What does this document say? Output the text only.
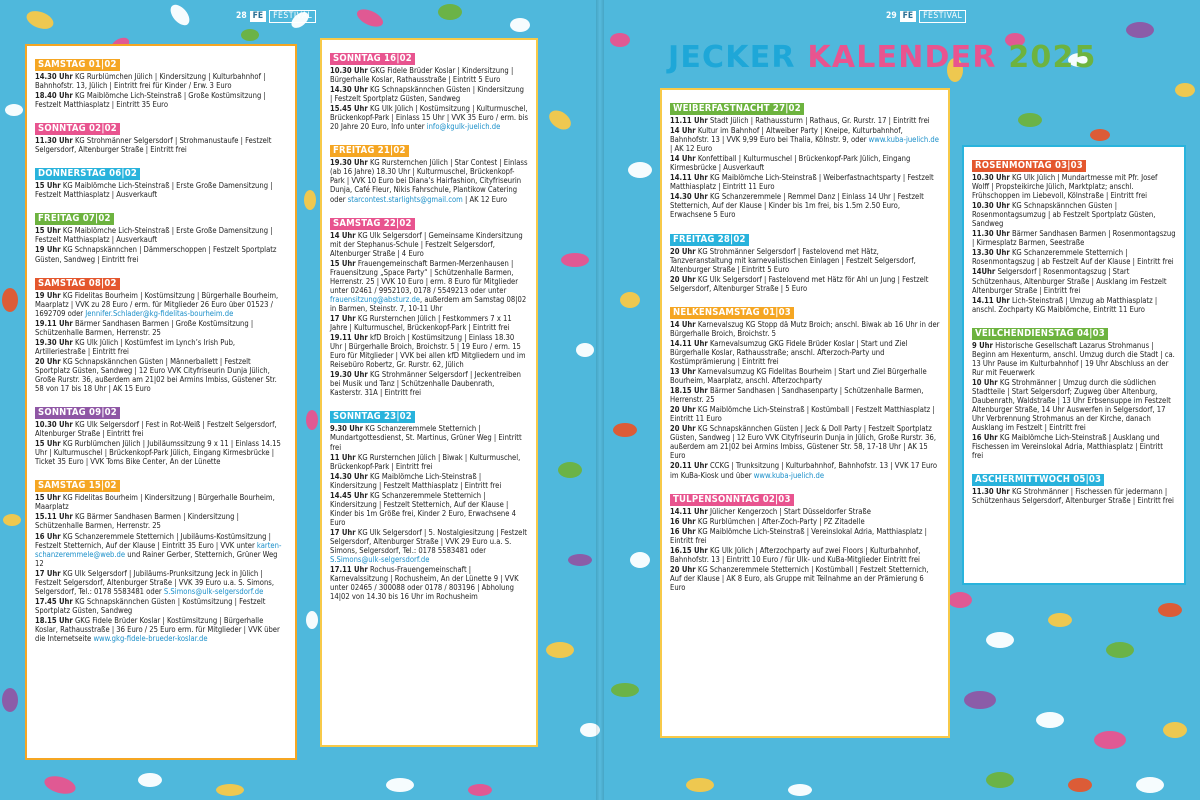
28 FE	FESTIVAL	29 FE	FESTIVAL
JECKER KALENDER 2025
SAMSTAG 01|02
14.30 Uhr KG Rurblümchen Jülich | Kindersitzung | Kulturbahnhof | Bahnhofstr. 13, Jülich | Eintritt frei für Kinder / Erw. 3 Euro
18.40 Uhr KG Maiblömche Lich-Steinstraß | Große Kostümsitzung | Festzelt Matthiasplatz | Eintritt 35 Euro
SONNTAG 02|02
11.30 Uhr KG Strohmänner Selgersdorf | Strohmanustaufe | Festzelt Selgersdorf, Altenburger Straße | Eintritt frei
DONNERSTAG 06|02
15 Uhr KG Maiblömche Lich-Steinstraß | Erste Große Damensitzung | Festzelt Matthiasplatz | Ausverkauft
FREITAG 07|02
15 Uhr KG Maiblömche Lich-Steinstraß | Erste Große Damensitzung | Festzelt Matthiasplatz | Ausverkauft
19 Uhr KG Schnapskännchen | Dämmerschoppen | Festzelt Sportplatz Güsten, Sandweg | Eintritt frei
SAMSTAG 08|02
19 Uhr KG Fidelitas Bourheim | Kostümsitzung | Bürgerhalle Bourheim, Maarplatz | VVK zu 28 Euro / erm. für Mitglieder 26 Euro über 01523 / 1692709 oder Jennifer.Schlader@kg-fidelitas-bourheim.de
19.11 Uhr Bärmer Sandhasen Barmen | Große Kostümsitzung | Schützenhalle Barmen, Herrenstr. 25
19.30 Uhr KG Ulk Jülich | Kostümfest im Lynch’s Irish Pub, Artilleriestraße | Eintritt frei
20 Uhr KG Schnapskännchen Güsten | Männerballett | Festzelt Sportplatz Güsten, Sandweg | 12 Euro VVK Cityfriseurin Dunja Jülich, Große Rurstr. 36, außerdem am 21|02 bei Armins Imbiss, Güstener Str. 58 von 17 bis 18 Uhr | AK 15 Euro
SONNTAG 09|02
10.30 Uhr KG Ulk Selgersdorf | Fest in Rot-Weiß | Festzelt Selgersdorf, Altenburger Straße | Eintritt frei
15 Uhr KG Rurblümchen Jülich | Jubiläumssitzung 9 x 11 | Einlass 14.15 Uhr | Kulturmuschel | Brückenkopf-Park Jülich, Eingang Kirmesbrücke | Ticket 35 Euro | VVK Toms Bike Center, An der Lünette
SAMSTAG 15|02
15 Uhr KG Fidelitas Bourheim | Kindersitzung | Bürgerhalle Bourheim, Maarplatz
15.11 Uhr KG Bärmer Sandhasen Barmen | Kindersitzung | Schützenhalle Barmen, Herrenstr. 25
16 Uhr KG Schanzeremmele Stetternich | Jubiläums-Kostümsitzung | Festzelt Stetternich, Auf der Klause | Eintritt 35 Euro | VVK unter karten-schanzeremmele@web.de und Rainer Gerber, Stetternich, Grüner Weg 12
17 Uhr KG Ulk Selgersdorf | Jubiläums-Prunksitzung Jeck in Jülich | Festzelt Selgersdorf, Altenburger Straße | VVK 39 Euro u.a. S. Simons, Selgersdorf, Tel.: 0178 5583481 oder S.Simons@ulk-selgersdorf.de
17.45 Uhr KG Schnapskännchen Güsten | Kostümsitzung | Festzelt Sportplatz Güsten, Sandweg
18.15 Uhr GKG Fidele Brüder Koslar | Kostümsitzung | Bürgerhalle Koslar, Rathausstraße | 36 Euro / 25 Euro erm. für Mitglieder | VVK über die Internetseite www.gkg-fidele-brueder-koslar.de
SONNTAG 16|02
10.30 Uhr GKG Fidele Brüder Koslar | Kindersitzung | Bürgerhalle Koslar, Rathausstraße | Eintritt 5 Euro
14.30 Uhr KG Schnapskännchen Güsten | Kindersitzung | Festzelt Sportplatz Güsten, Sandweg
15.45 Uhr KG Ulk Jülich | Kostümsitzung | Kulturmuschel, Brückenkopf-Park | Einlass 15 Uhr | VVK 35 Euro / erm. bis 20 Jahre 20 Euro, Info unter info@kgulk-juelich.de
FREITAG 21|02
19.30 Uhr KG Rursternchen Jülich | Star Contest | Einlass (ab 16 Jahre) 18.30 Uhr | Kulturmuschel, Brückenkopf-Park | VVK 10 Euro bei Diana’s Hairfashion, Cityfriseurin Dunja, Café Fleur, Nikis Fahrschule, Plantikow Catering oder starcontest.starlights@gmail.com | AK 12 Euro
SAMSTAG 22|02
14 Uhr KG Ulk Selgersdorf | Gemeinsame Kindersitzung mit der Stephanus-Schule | Festzelt Selgersdorf, Altenburger Straße | 4 Euro
15 Uhr Frauengemeinschaft Barmen-Merzenhausen | Frauensitzung „Space Party“ | Schützenhalle Barmen, Herrenstr. 25 | VVK 10 Euro | erm. 8 Euro für Mitglieder unter 02461 / 9952103, 0178 / 5549213 oder unter frauensitzung@absturz.de, außerdem am Samstag 08|02 in Barmen, Steinstr. 7, 10-11 Uhr
17 Uhr KG Rursternchen Jülich | Festkommers 7 x 11 Jahre | Kulturmuschel, Brückenkopf-Park | Eintritt frei
19.11 Uhr kfD Broich | Kostümsitzung | Einlass 18.30 Uhr | Bürgerhalle Broich, Broichstr. 5 | 19 Euro / erm. 15 Euro für Mitglieder | VVK bei allen kfD Mitgliedern und im Reisebüro Robertz, Gr. Rurstr. 62, Jülich
19.30 Uhr KG Strohmänner Selgersdorf | Jeckentreiben bei Musik und Tanz | Schützenhalle Daubenrath, Kasterstr. 31A | Eintritt frei
SONNTAG 23|02
9.30 Uhr KG Schanzeremmele Stetternich | Mundartgottesdienst, St. Martinus, Grüner Weg | Eintritt frei
11 Uhr KG Rursternchen Jülich | Biwak | Kulturmuschel, Brückenkopf-Park | Eintritt frei
14.30 Uhr KG Maiblömche Lich-Steinstraß | Kindersitzung | Festzelt Matthiasplatz | Eintritt frei
14.45 Uhr KG Schanzeremmele Stetternich | Kindersitzung | Festzelt Stetternich, Auf der Klause | Kinder bis 1m Größe frei, Kinder 2 Euro, Erwachsene 4 Euro
17 Uhr KG Ulk Selgersdorf | 5. Nostalgiesitzung | Festzelt Selgersdorf, Altenburger Straße | VVK 29 Euro u.a. S. Simons, Selgersdorf, Tel.: 0178 5583481 oder S.Simons@ulk-selgersdorf.de
17.11 Uhr Rochus-Frauengemeinschaft | Karnevalssitzung | Rochusheim, An der Lünette 9 | VVK unter 02465 / 300088 oder 0178 / 803196 | Abholung 14|02 von 14.30 bis 16 Uhr im Rochusheim
WEIBERFASTNACHT 27|02
11.11 Uhr Stadt Jülich | Rathaussturm | Rathaus, Gr. Rurstr. 17 | Eintritt frei
14 Uhr Kultur im Bahnhof | Altweiber Party | Kneipe, Kulturbahnhof, Bahnhofstr. 13 | VVK 9,99 Euro bei Thalia, Kölnstr. 9, oder www.kuba-juelich.de | AK 12 Euro
14 Uhr Konfettiball | Kulturmuschel | Brückenkopf-Park Jülich, Eingang Kirmesbrücke | Ausverkauft
14.11 Uhr KG Maiblömche Lich-Steinstraß | Weiberfastnachtsparty | Festzelt Matthiasplatz | Eintritt 11 Euro
14.30 Uhr KG Schanzeremmele | Remmel Danz | Einlass 14 Uhr | Festzelt Stetternich, Auf der Klause | Kinder bis 1m frei, bis 1.5m 2.50 Euro, Erwachsene 5 Euro
FREITAG 28|02
20 Uhr KG Strohmänner Selgersdorf | Fastelovend met Hätz, Tanzveranstaltung mit karnevalistischen Einlagen | Festzelt Selgersdorf, Altenburger Straße | Eintritt 5 Euro
20 Uhr KG Ulk Selgersdorf | Fastelovend met Hätz för Ahl un Jung | Festzelt Selgersdorf, Altenburger Straße | 5 Euro
NELKENSAMSTAG 01|03
14 Uhr Karnevalszug KG Stopp dä Mutz Broich; anschl. Biwak ab 16 Uhr in der Bürgerhalle Broich, Broichstr. 5
14.11 Uhr Karnevalsumzug GKG Fidele Brüder Koslar | Start und Ziel Bürgerhalle Koslar, Rathausstraße; anschl. Afterzoch-Party und Kostümprämierung | Eintritt frei
13 Uhr Karnevalsumzug KG Fidelitas Bourheim | Start und Ziel Bürgerhalle Bourheim, Maarplatz, anschl. Afterzochparty
18.15 Uhr Bärmer Sandhasen | Sandhasenparty | Schützenhalle Barmen, Herrenstr. 25
20 Uhr KG Maiblömche Lich-Steinstraß | Kostümball | Festzelt Matthiasplatz | Eintritt 11 Euro
20 Uhr KG Schnapskännchen Güsten | Jeck & Doll Party | Festzelt Sportplatz Güsten, Sandweg | 12 Euro VVK Cityfriseurin Dunja in Jülich, Große Rurstr. 36, außerdem am 21|02 bei Armins Imbiss, Güstener Str. 58, 17-18 Uhr | AK 15 Euro
20.11 Uhr CCKG | Trunksitzung | Kulturbahnhof, Bahnhofstr. 13 | VVK 17 Euro im KuBa-Kiosk und über www.kuba-juelich.de
TULPENSONNTAG 02|03
14.11 Uhr Jülicher Kengerzoch | Start Düsseldorfer Straße
16 Uhr KG Rurblümchen | After-Zoch-Party | PZ Zitadelle
16 Uhr KG Maiblömche Lich-Steinstraß | Vereinslokal Adria, Matthiasplatz | Eintritt frei
16.15 Uhr KG Ulk Jülich | Afterzochparty auf zwei Floors | Kulturbahnhof, Bahnhofstr. 13 | Eintritt 10 Euro / für Ulk- und KuBa-Mitglieder Eintritt frei
20 Uhr KG Schanzeremmele Stetternich | Kostümball | Festzelt Stetternich, Auf der Klause | AK 8 Euro, als Gruppe mit Teilnahme an der Prämierung 6 Euro
ROSENMONTAG 03|03
10.30 Uhr KG Ulk Jülich | Mundartmesse mit Pfr. Josef Wolff | Propsteikirche Jülich, Marktplatz; anschl. Frühschoppen im Liebevoll, Kölnstraße | Eintritt frei
10.30 Uhr KG Schnapskännchen Güsten | Rosenmontagsumzug | ab Festzelt Sportplatz Güsten, Sandweg
11.30 Uhr Bärmer Sandhasen Barmen | Rosenmontagszug | Kirmesplatz Barmen, Seestraße
13.30 Uhr KG Schanzeremmele Stetternich | Rosenmontagszug | ab Festzelt Auf der Klause | Eintritt frei
14Uhr Selgersdorf | Rosenmontagszug | Start Schützenhaus, Altenburger Straße | Ausklang im Festzelt Altenburger Straße | Eintritt frei
14.11 Uhr Lich-Steinstraß | Umzug ab Matthiasplatz | anschl. Zochparty KG Maiblömche, Eintritt 11 Euro
VEILCHENDIENSTAG 04|03
9 Uhr Historische Gesellschaft Lazarus Strohmanus | Beginn am Hexenturm, anschl. Umzug durch die Stadt | ca. 13 Uhr Pause im Kulturbahnhof | 19 Uhr Abschluss an der Rur mit Feuerwerk
10 Uhr KG Strohmänner | Umzug durch die südlichen Stadtteile | Start Selgersdorf; Zugweg über Altenburg, Daubenrath, Waldstraße | 13 Uhr Erbsensuppe im Festzelt Altenburger Straße, 14 Uhr Auswerfen in Selgersdorf, 17 Uhr Verbrennung Strohmanus an der Kirche, danach Ausklang im Festzelt | Eintritt frei
16 Uhr KG Maiblömche Lich-Steinstraß | Ausklang und Fischessen im Vereinslokal Adria, Matthiasplatz | Eintritt frei
ASCHERMITTWOCH 05|03
11.30 Uhr KG Strohmänner | Fischessen für jedermann | Schützenhaus Selgersdorf, Altenburger Straße | Eintritt frei
